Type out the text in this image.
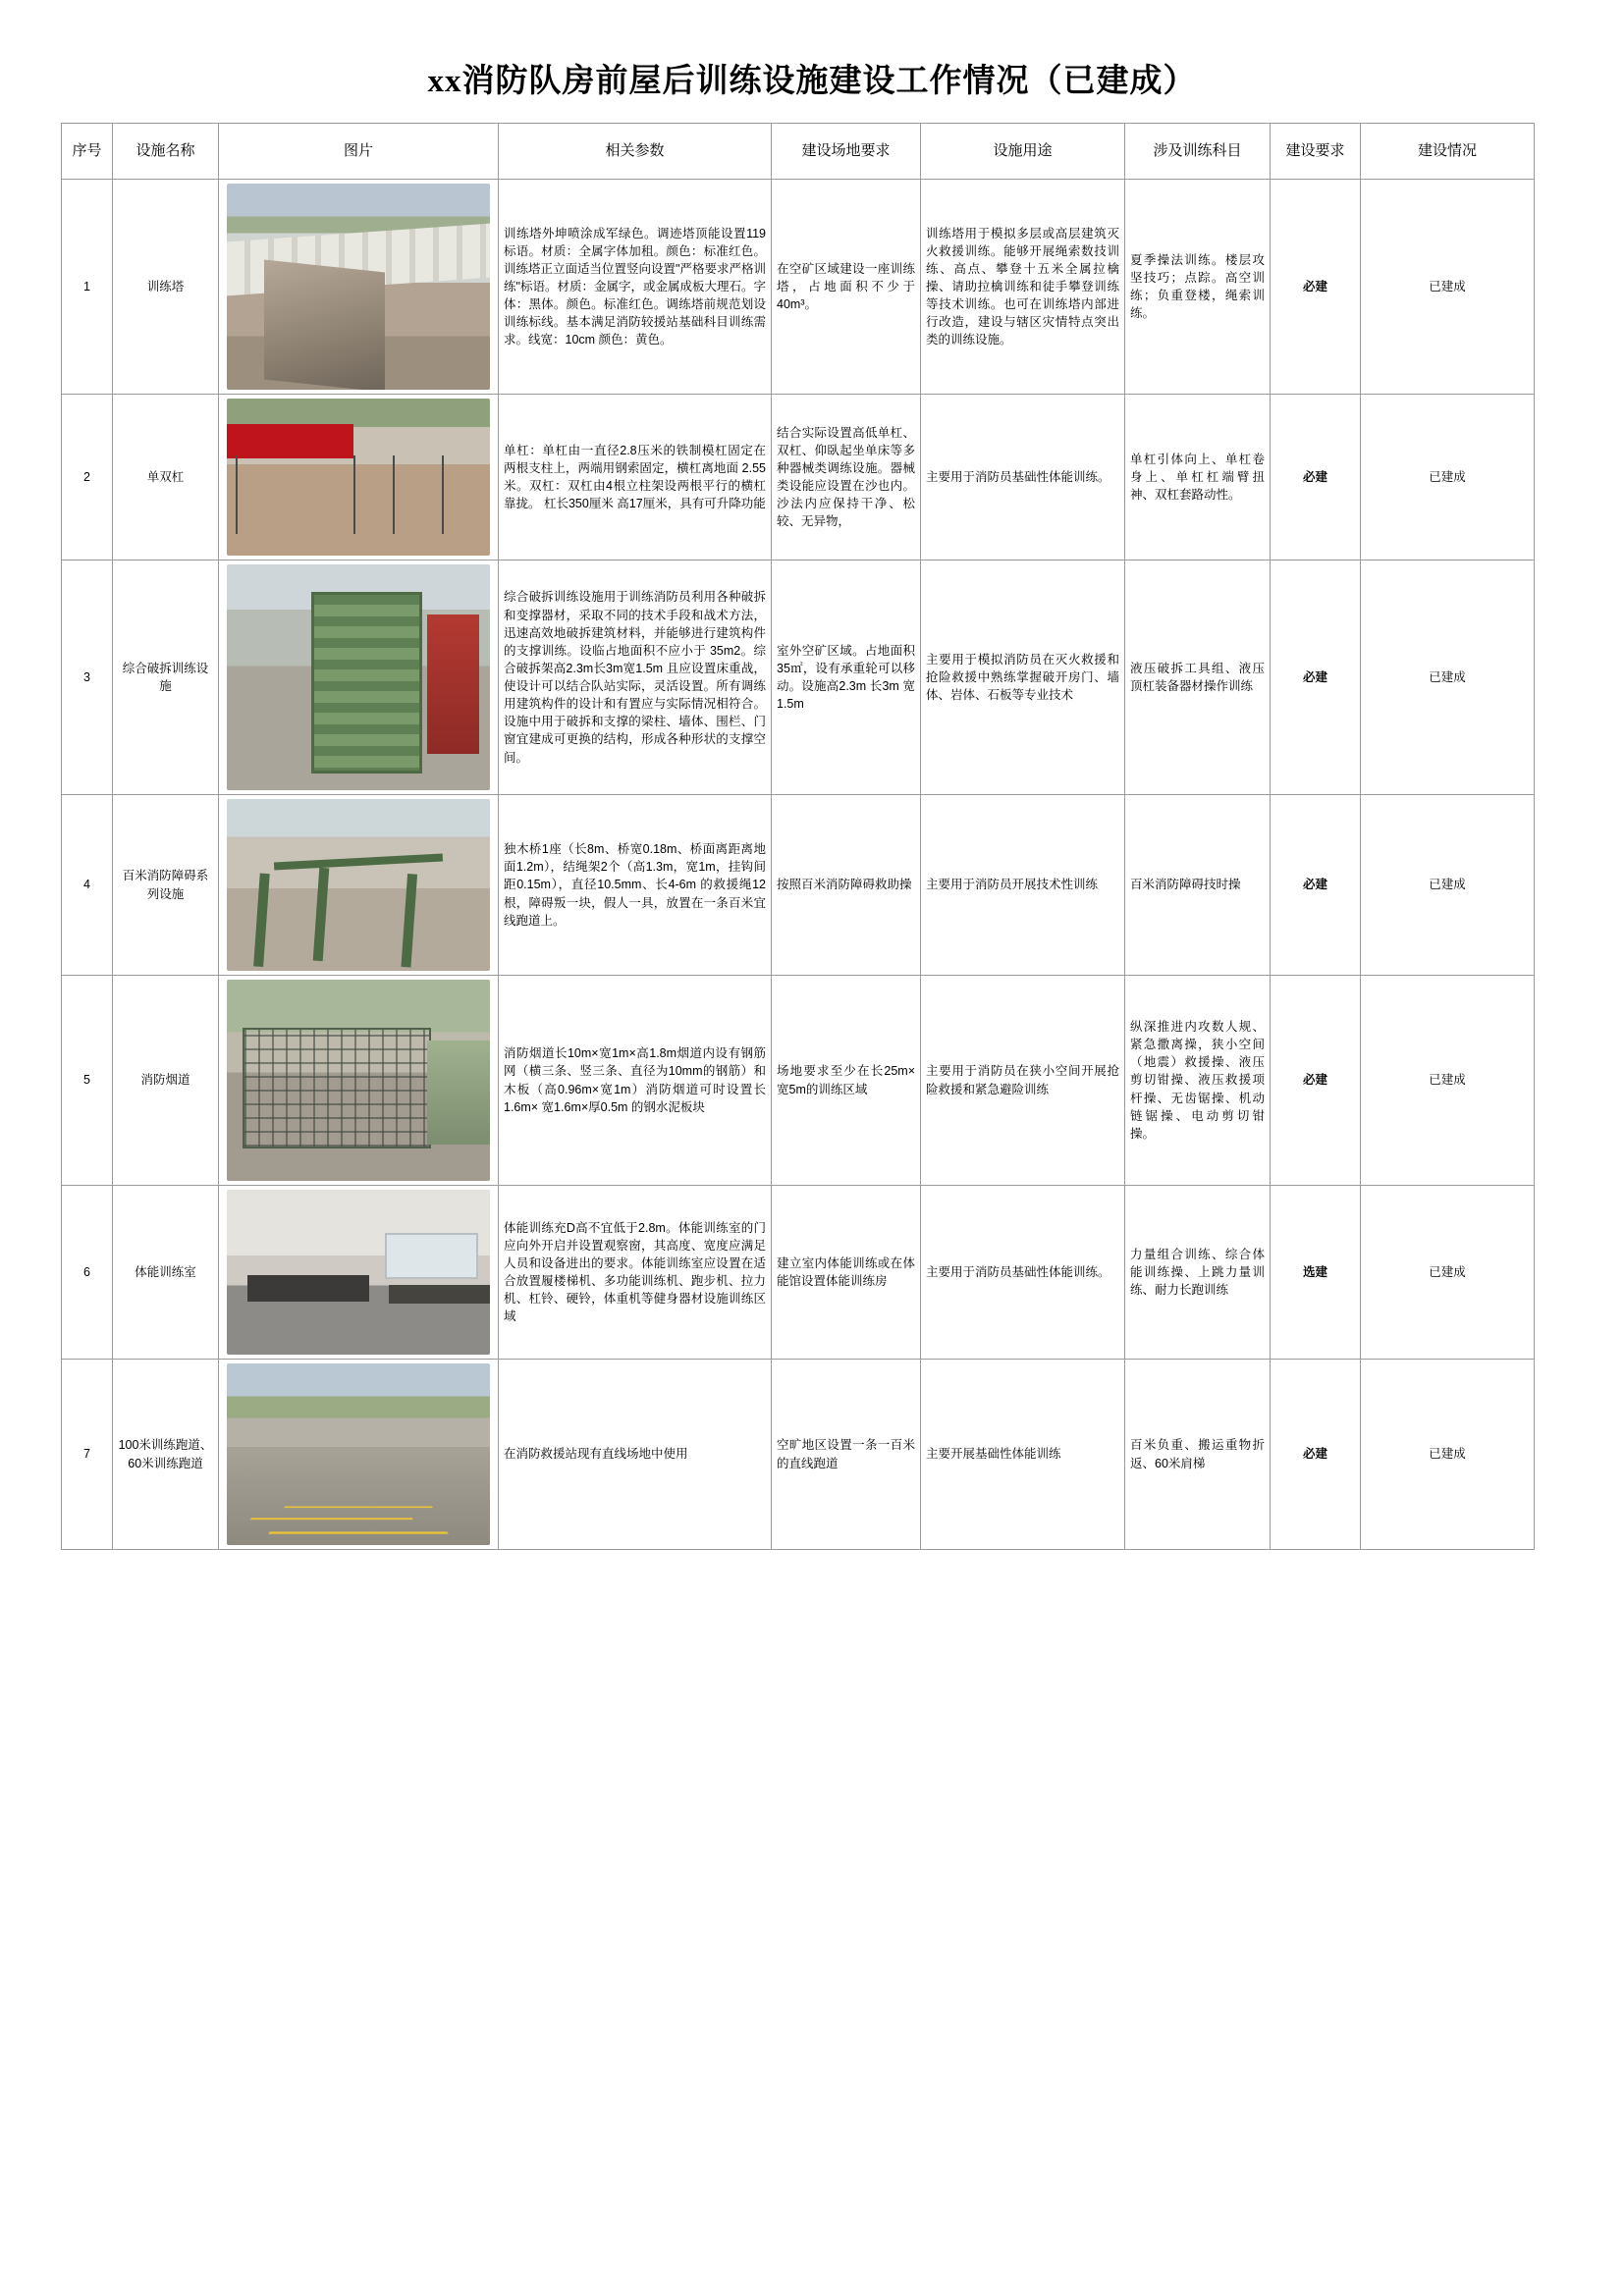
xx消防队房前屋后训练设施建设工作情况（已建成）
序号	设施名称	图片	相关参数	建设场地要求	设施用途	涉及训练科目	建设要求	建设情况
1	训练塔		训练塔外坤喷涂成军绿色。调迹塔顶能设置119标语。材质：全属字体加租。颜色：标准红色。训练塔正立面适当位置竖向设置"严格要求严格训练"标语。材质：金属字，或金属成板大理石。字体：黑体。颜色。标准红色。调练塔前规范划设训练标线。基本满足消防较援站基础科目训练需求。线宽：10cm 颜色：黄色。	在空矿区域建设一座训练塔，占地面积不少于 40m³。	训练塔用于模拟多层或高层建筑灭火救援训练。能够开展绳索数技训练、高点、攀登十五米全属拉檎操、请助拉檎训练和徒手攀登训练等技术训练。也可在训练塔内部进行改造，建设与辖区灾情特点突出类的训练设施。	夏季操法训练。楼层攻坚技巧；点踪。高空训练；负重登楼，绳索训练。	必建	已建成
2	单双杠		单杠：单杠由一直径2.8压米的铁制模杠固定在两根支柱上，两端用钢索固定，横杠离地面 2.55米。双杠：双杠由4根立柱架设两根平行的横杠靠拢。 杠长350厘米 高17厘米，具有可升降功能	结合实际设置高低单杠、双杠、仰臥起坐单床等多种器械类调练设施。器械类设能应设置在沙也内。沙法内应保持干净、松较、无异物，	主要用于消防员基础性体能训练。	单杠引体向上、单杠卷身上、单杠杠端臂扭神、双杠套路动性。	必建	已建成
3	综合破拆训练设施		综合破拆训练设施用于训练消防员利用各种破拆和变撑器材，采取不同的技术手段和战术方法，迅速高效地破拆建筑材料，并能够进行建筑构件的支撑训练。设临占地面积不应小于 35m2。综合破拆架高2.3m长3m宽1.5m 且应设置床重战，使设计可以结合队站实际，灵活设置。所有调练用建筑构件的设计和有置应与实际情况相符合。设施中用于破拆和支撑的梁柱、墙体、围栏、门窗宜建成可更换的结构，形成各种形状的支撑空间。	室外空矿区域。占地面积35㎡，设有承重轮可以移动。设施高2.3m 长3m 宽1.5m	主要用于模拟消防员在灭火救援和抢险救援中熟练掌握破开房门、墙体、岩体、石板等专业技术	液压破拆工具组、液压顶杠装备器材操作训练	必建	已建成
4	百米消防障碍系列设施		独木桥1座（长8m、桥宽0.18m、桥面离距离地面1.2m），结绳架2个（高1.3m，宽1m，挂钩间距0.15m），直径10.5mm、长4-6m 的救援绳12根，障碍叛一块，假人一具，放置在一条百米宜线跑道上。	按照百米消防障碍救助操	主要用于消防员开展技术性训练	百米消防障碍技时操	必建	已建成
5	消防烟道		消防烟道长10m×宽1m×高1.8m烟道内设有钢筋网（横三条、竖三条、直径为10mm的钢筋）和木板（高0.96m×宽1m）消防烟道可时设置长1.6m× 宽1.6m×厚0.5m 的钢水泥板块	场地要求至少在长25m×宽5m的训练区域	主要用于消防员在狭小空间开展抢险救援和紧急避险训练	纵深推进内攻数人规、紧急撒离操，狭小空间（地震）救援操、液压剪切钳操、液压救援项杆操、无齿锯操、机动链锯操、电动剪切钳操。	必建	已建成
6	体能训练室		体能训练充D高不宜低于2.8m。体能训练室的门应向外开启并设置观察窗，其高度、宽度应满足人员和设备进出的要求。体能训练室应设置在适合放置履楼梯机、多功能训练机、跑步机、拉力机、杠铃、硬铃，体重机等健身器材设施训练区域	建立室内体能训练或在体能馆设置体能训练房	主要用于消防员基础性体能训练。	力量组合训练、综合体能训练操、上跳力量训练、耐力长跑训练	选建	已建成
7	100米训练跑道、60米训练跑道		在消防救援站现有直线场地中使用	空旷地区设置一条一百米的直线跑道	主要开展基础性体能训练	百米负重、搬运重物折返、60米肩梯	必建	已建成
